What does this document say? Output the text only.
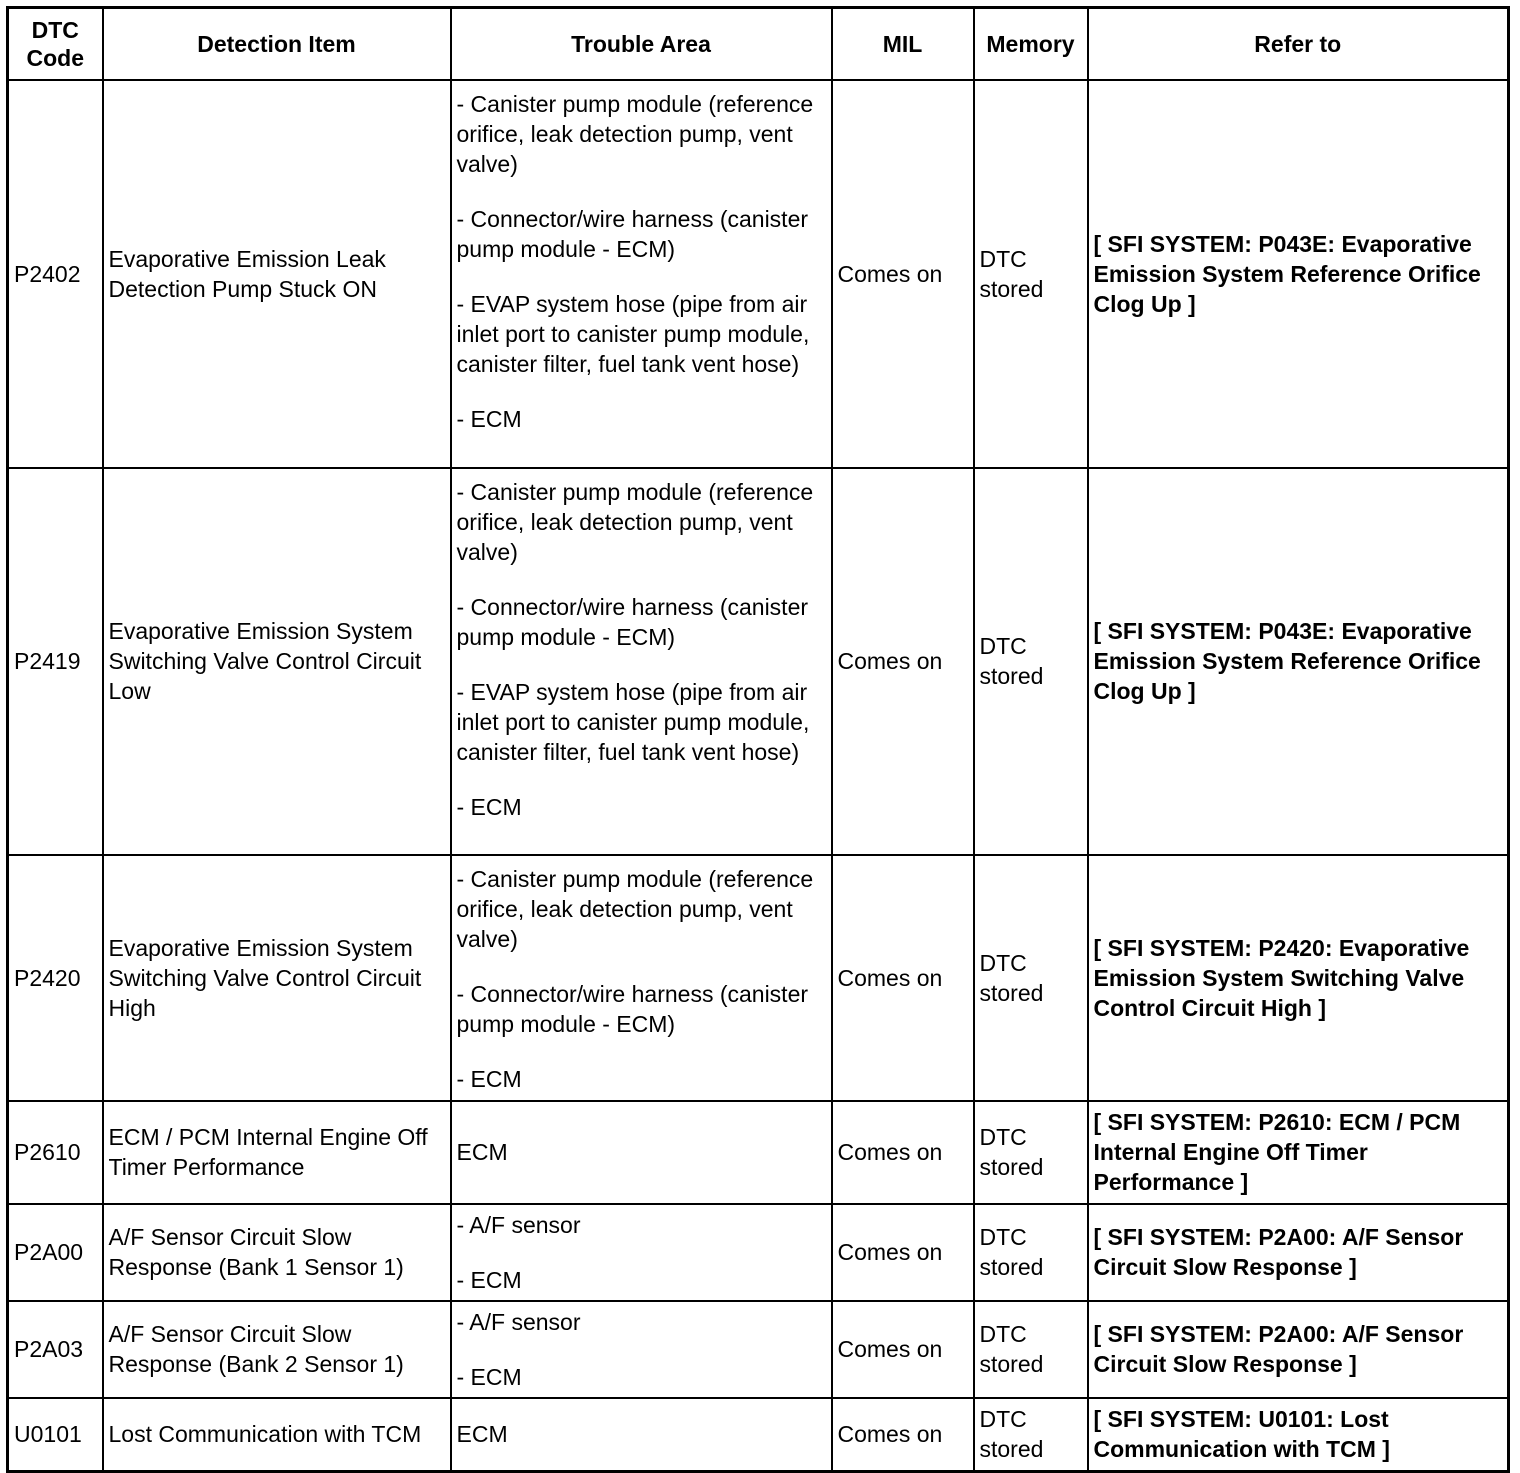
DTC Code	Detection Item	Trouble Area	MIL	Memory	Refer to
P2402	Evaporative Emission Leak Detection Pump Stuck ON	- Canister pump module (reference orifice, leak detection pump, vent valve)
- Connector/wire harness (canister pump module - ECM)
- EVAP system hose (pipe from air inlet port to canister pump module, canister filter, fuel tank vent hose)
- ECM	Comes on	DTC stored	[ SFI SYSTEM: P043E: Evaporative Emission System Reference Orifice Clog Up ]
P2419	Evaporative Emission System Switching Valve Control Circuit Low	- Canister pump module (reference orifice, leak detection pump, vent valve)
- Connector/wire harness (canister pump module - ECM)
- EVAP system hose (pipe from air inlet port to canister pump module, canister filter, fuel tank vent hose)
- ECM	Comes on	DTC stored	[ SFI SYSTEM: P043E: Evaporative Emission System Reference Orifice Clog Up ]
P2420	Evaporative Emission System Switching Valve Control Circuit High	- Canister pump module (reference orifice, leak detection pump, vent valve)
- Connector/wire harness (canister pump module - ECM)
- ECM	Comes on	DTC stored	[ SFI SYSTEM: P2420: Evaporative Emission System Switching Valve Control Circuit High ]
P2610	ECM / PCM Internal Engine Off Timer Performance	ECM	Comes on	DTC stored	[ SFI SYSTEM: P2610: ECM / PCM Internal Engine Off Timer Performance ]
P2A00	A/F Sensor Circuit Slow Response (Bank 1 Sensor 1)	- A/F sensor
- ECM	Comes on	DTC stored	[ SFI SYSTEM: P2A00: A/F Sensor Circuit Slow Response ]
P2A03	A/F Sensor Circuit Slow Response (Bank 2 Sensor 1)	- A/F sensor
- ECM	Comes on	DTC stored	[ SFI SYSTEM: P2A00: A/F Sensor Circuit Slow Response ]
U0101	Lost Communication with TCM	ECM	Comes on	DTC stored	[ SFI SYSTEM: U0101: Lost Communication with TCM ]
